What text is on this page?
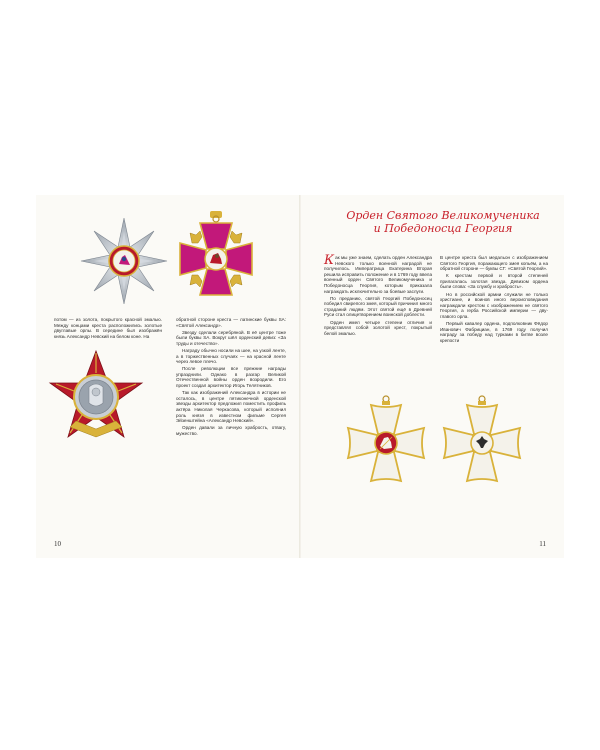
потом — из золота, покрытого красной эмалью. Между концами креста расположились золотые двуглавые орлы. В середине был изображён князь Александр Невский на белом коне. На

обратной стороне креста — латинские буквы SA: «Святой Александр».

Звезду сделали серебряной. В её центре тоже были буквы SA. Вокруг шёл орденский девиз: «За труды и отечество».

Награду обычно носили на шее, на узкой ленте, а в торжественных случаях — на красной ленте через левое плечо.

После революции все прежние награды упразднили. Однако в разгар Великой Отечественной войны орден возродили. Его проект создал архитектор Игорь Телятников.

Так как изображений Александра в истории не осталось, в центре пятиконечной орденской звезды архитектор предложил поместить профиль актёра Николая Черкасова, который исполнил роль князя в известном фильме Сергея Эйзенштейна «Александр Невский».

Орден давали за личную храбрость, отвагу, мужество.

10
Орден Святого Великомученика
и Победоносца Георгия

Как мы уже знаем, сделать орден Александра Невского только военной наградой не получилось. Императрица Екатерина Вторая решила исправить положение и в 1769 году ввела военный орден Святого Великомученика и Победоносца Георгия, которым приказала награждать исключительно за боевые заслуги.

По преданию, святой Георгий Победоносец победил свирепого змея, который причинил много страданий людям. Этот святой ещё в Древней Руси стал олицетворением воинской доблести.

Орден имел четыре степени отличия и представлял собой золотой крест, покрытый белой эмалью.

В центре креста был медальон с изображением Святого Георгия, поражающего змея копьём, а на обратной стороне — буквы СГ: «Святой Георгий».

К крестам первой и второй степеней прилагалась золотая звезда. Девизом ордена были слова: «За службу и храбрость».

Но в российской армии служили не только христиане, и воинов иного вероисповедания награждали крестом с изображением не святого Георгия, а герба Российской империи — двуглавого орла.

Первый кавалер ордена, подполковник Фёдор Иванович Фабрициан, в 1769 году получил награду за победу над турками в битве возле крепости

11
